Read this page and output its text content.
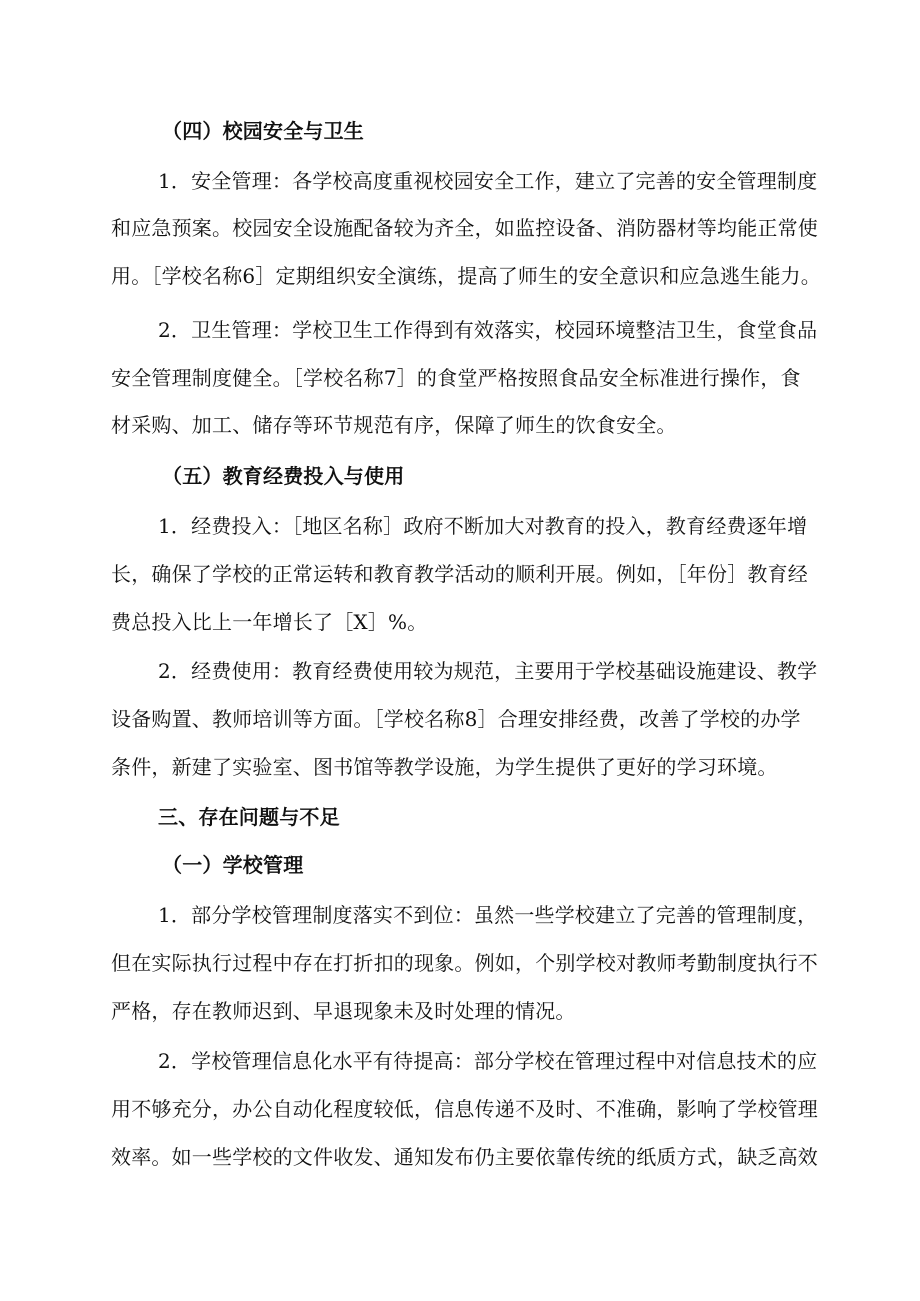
（四）校园安全与卫生
1．安全管理：各学校高度重视校园安全工作，建立了完善的安全管理制度
和应急预案。校园安全设施配备较为齐全，如监控设备、消防器材等均能正常使
用。［学校名称6］定期组织安全演练，提高了师生的安全意识和应急逃生能力。
2．卫生管理：学校卫生工作得到有效落实，校园环境整洁卫生，食堂食品
安全管理制度健全。［学校名称7］的食堂严格按照食品安全标准进行操作，食
材采购、加工、储存等环节规范有序，保障了师生的饮食安全。
（五）教育经费投入与使用
1．经费投入：［地区名称］政府不断加大对教育的投入，教育经费逐年增
长，确保了学校的正常运转和教育教学活动的顺利开展。例如，［年份］教育经
费总投入比上一年增长了［X］%。
2．经费使用：教育经费使用较为规范，主要用于学校基础设施建设、教学
设备购置、教师培训等方面。［学校名称8］合理安排经费，改善了学校的办学
条件，新建了实验室、图书馆等教学设施，为学生提供了更好的学习环境。
三、存在问题与不足
（一）学校管理
1．部分学校管理制度落实不到位：虽然一些学校建立了完善的管理制度，
但在实际执行过程中存在打折扣的现象。例如，个别学校对教师考勤制度执行不
严格，存在教师迟到、早退现象未及时处理的情况。
2．学校管理信息化水平有待提高：部分学校在管理过程中对信息技术的应
用不够充分，办公自动化程度较低，信息传递不及时、不准确，影响了学校管理
效率。如一些学校的文件收发、通知发布仍主要依靠传统的纸质方式，缺乏高效
